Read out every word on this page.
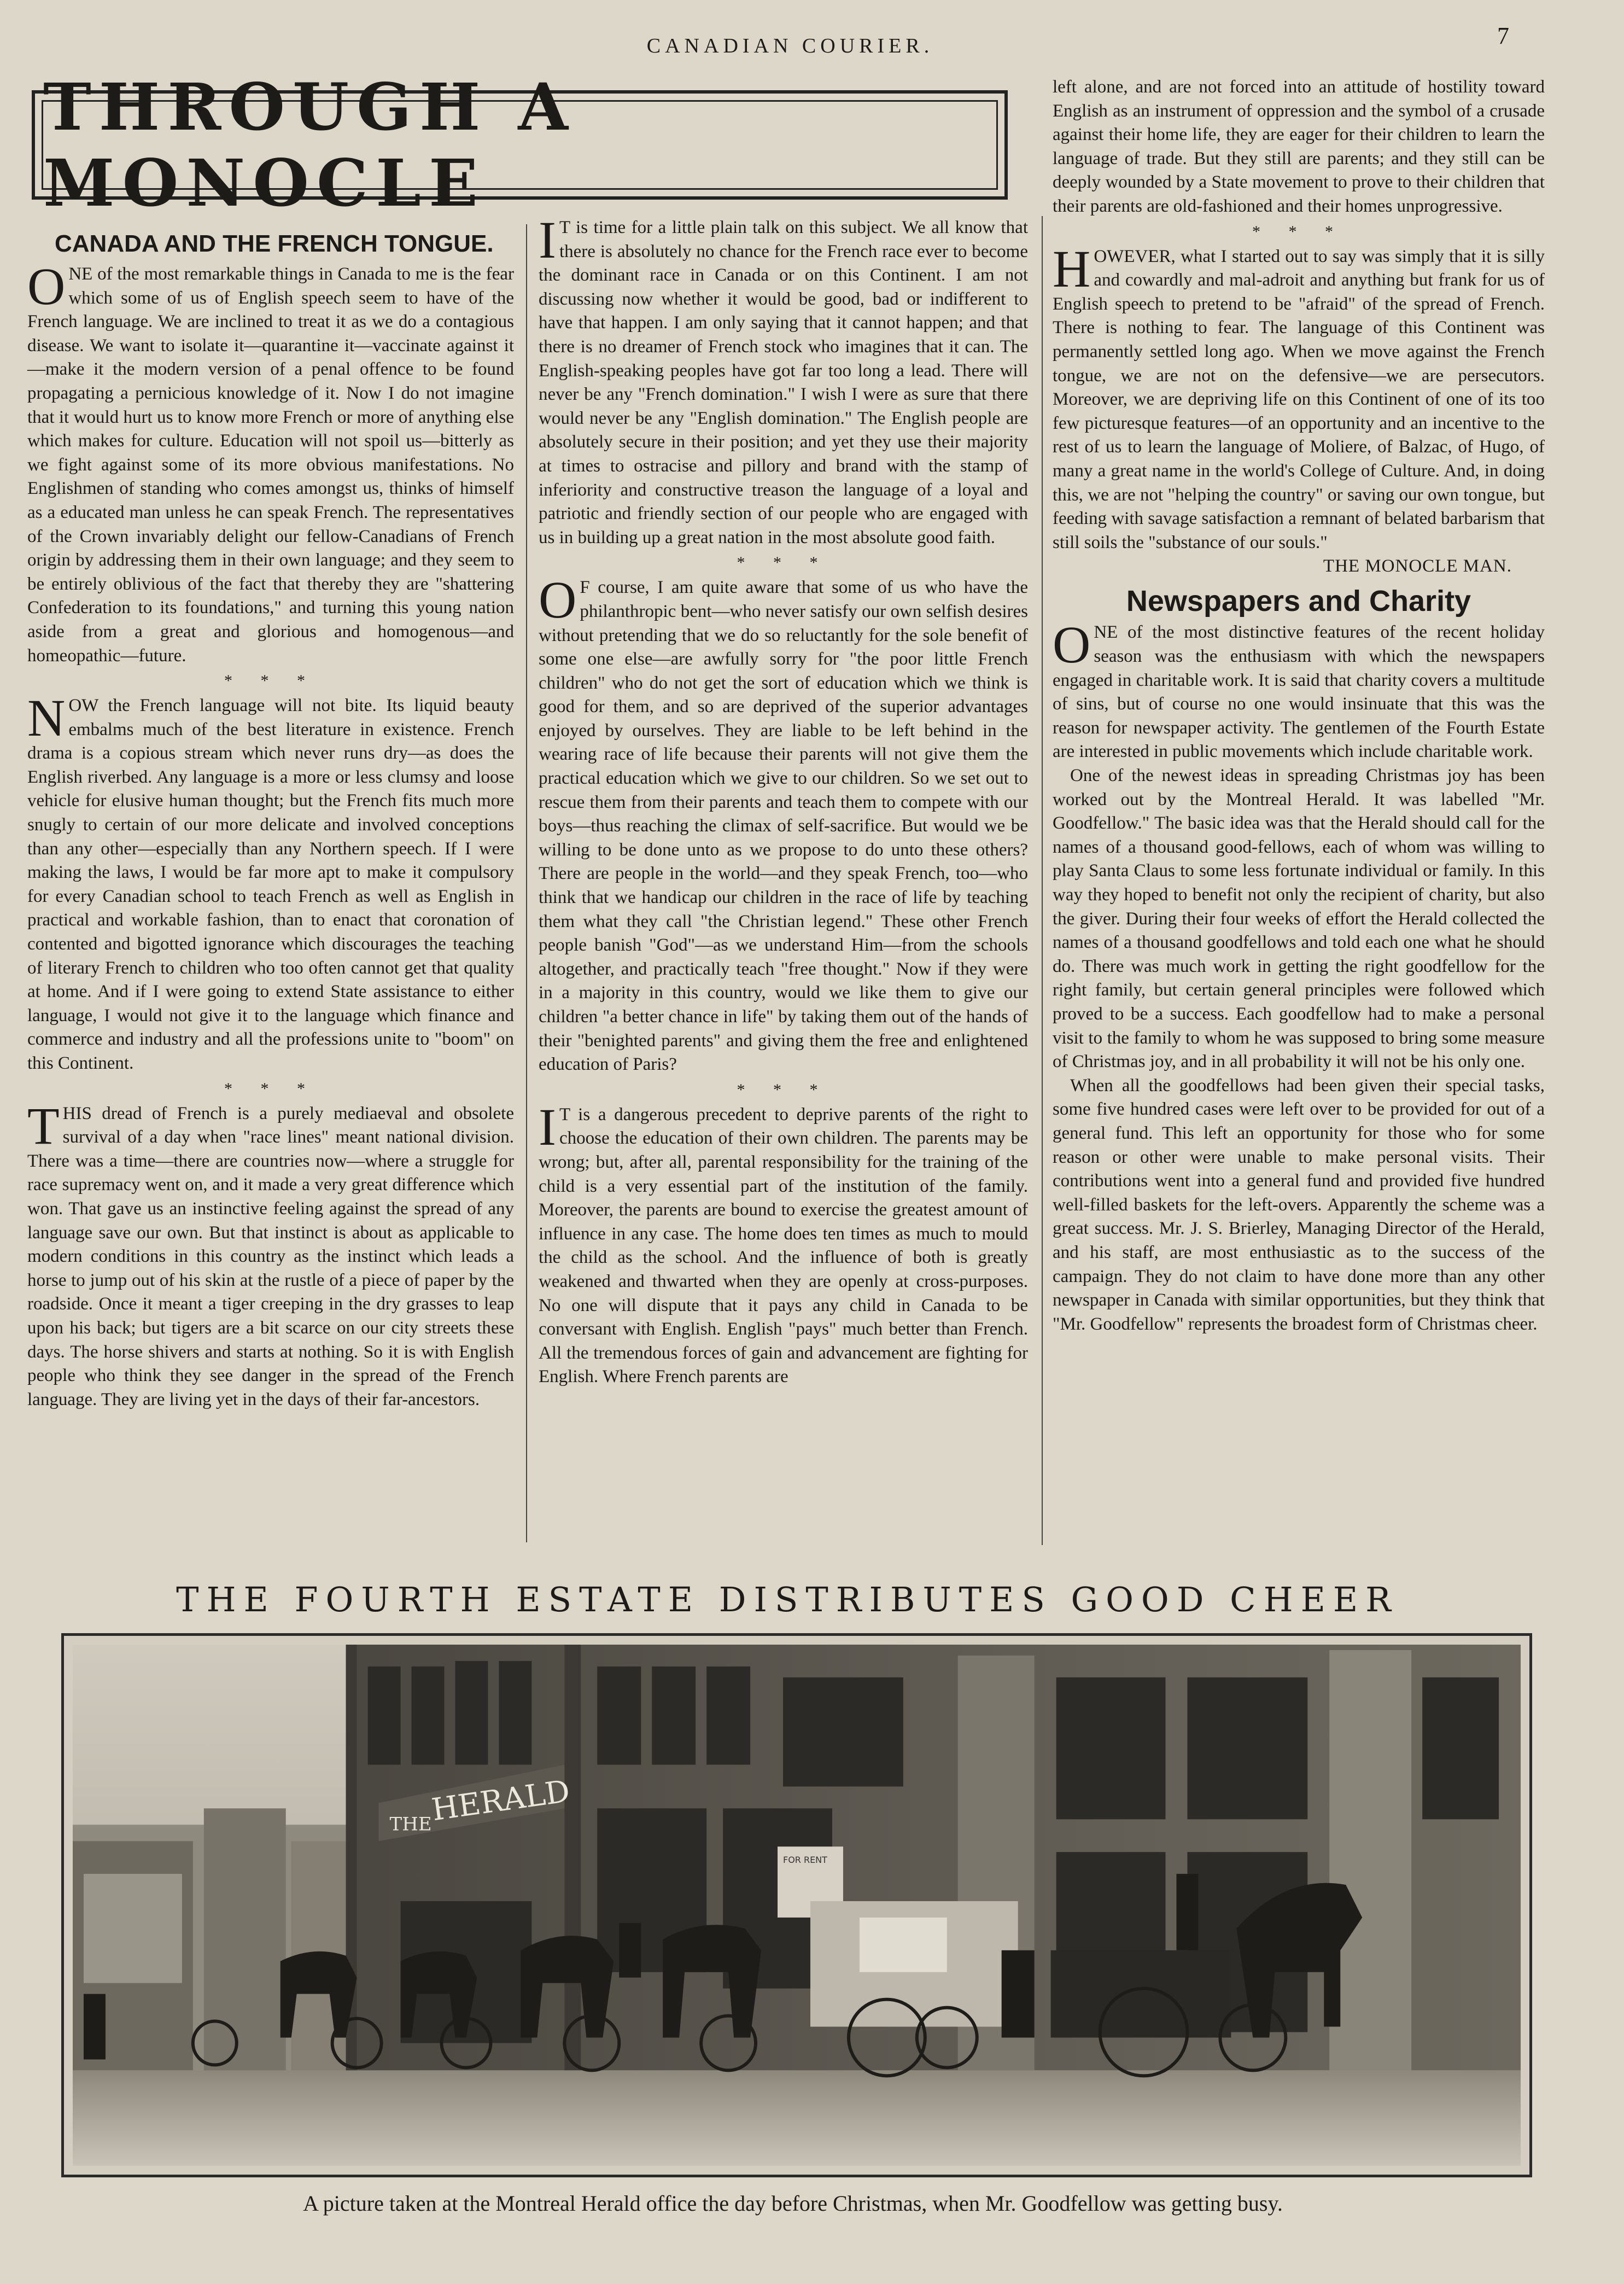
CANADIAN COURIER.	7
THROUGH A MONOCLE
CANADA AND THE FRENCH TONGUE.

ONE of the most remarkable things in Canada to me is the fear which some of us of English speech seem to have of the French language. We are inclined to treat it as we do a contagious disease. We want to isolate it—quarantine it—vaccinate against it—make it the modern version of a penal offence to be found propagating a pernicious knowledge of it. Now I do not imagine that it would hurt us to know more French or more of anything else which makes for culture. Education will not spoil us—bitterly as we fight against some of its more obvious manifestations. No Englishmen of standing who comes amongst us, thinks of himself as a educated man unless he can speak French. The representatives of the Crown invariably delight our fellow-Canadians of French origin by addressing them in their own language; and they seem to be entirely oblivious of the fact that thereby they are "shattering Confederation to its foundations," and turning this young nation aside from a great and glorious and homogenous—and homeopathic—future.

* * *

NOW the French language will not bite. Its liquid beauty embalms much of the best literature in existence. French drama is a copious stream which never runs dry—as does the English riverbed. Any language is a more or less clumsy and loose vehicle for elusive human thought; but the French fits much more snugly to certain of our more delicate and involved conceptions than any other—especially than any Northern speech. If I were making the laws, I would be far more apt to make it compulsory for every Canadian school to teach French as well as English in practical and workable fashion, than to enact that coronation of contented and bigotted ignorance which discourages the teaching of literary French to children who too often cannot get that quality at home. And if I were going to extend State assistance to either language, I would not give it to the language which finance and commerce and industry and all the professions unite to "boom" on this Continent.

* * *

THIS dread of French is a purely mediaeval and obsolete survival of a day when "race lines" meant national division. There was a time—there are countries now—where a struggle for race supremacy went on, and it made a very great difference which won. That gave us an instinctive feeling against the spread of any language save our own. But that instinct is about as applicable to modern conditions in this country as the instinct which leads a horse to jump out of his skin at the rustle of a piece of paper by the roadside. Once it meant a tiger creeping in the dry grasses to leap upon his back; but tigers are a bit scarce on our city streets these days. The horse shivers and starts at nothing. So it is with English people who think they see danger in the spread of the French language. They are living yet in the days of their far-ancestors.

I T is time for a little plain talk on this subject. We all know that there is absolutely no chance for the French race ever to become the dominant race in Canada or on this Continent. I am not discussing now whether it would be good, bad or indifferent to have that happen. I am only saying that it cannot happen; and that there is no dreamer of French stock who imagines that it can. The English-speaking peoples have got far too long a lead. There will never be any "French domination." I wish I were as sure that there would never be any "English domination." The English people are absolutely secure in their position; and yet they use their majority at times to ostracise and pillory and brand with the stamp of inferiority and constructive treason the language of a loyal and patriotic and friendly section of our people who are engaged with us in building up a great nation in the most absolute good faith.

* * *

O F course, I am quite aware that some of us who have the philanthropic bent—who never satisfy our own selfish desires without pretending that we do so reluctantly for the sole benefit of some one else—are awfully sorry for "the poor little French children" who do not get the sort of education which we think is good for them, and so are deprived of the superior advantages enjoyed by ourselves. They are liable to be left behind in the wearing race of life because their parents will not give them the practical education which we give to our children. So we set out to rescue them from their parents and teach them to compete with our boys—thus reaching the climax of self-sacrifice. But would we be willing to be done unto as we propose to do unto these others? There are people in the world—and they speak French, too—who think that we handicap our children in the race of life by teaching them what they call "the Christian legend." These other French people banish "God"—as we understand Him—from the schools altogether, and practically teach "free thought." Now if they were in a majority in this country, would we like them to give our children "a better chance in life" by taking them out of the hands of their "benighted parents" and giving them the free and enlightened education of Paris?

* * *

I T is a dangerous precedent to deprive parents of the right to choose the education of their own children. The parents may be wrong; but, after all, parental responsibility for the training of the child is a very essential part of the institution of the family. Moreover, the parents are bound to exercise the greatest amount of influence in any case. The home does ten times as much to mould the child as the school. And the influence of both is greatly weakened and thwarted when they are openly at cross-purposes. No one will dispute that it pays any child in Canada to be conversant with English. English "pays" much better than French. All the tremendous forces of gain and advancement are fighting for English. Where French parents are

left alone, and are not forced into an attitude of hostility toward English as an instrument of oppression and the symbol of a crusade against their home life, they are eager for their children to learn the language of trade. But they still are parents; and they still can be deeply wounded by a State movement to prove to their children that their parents are old-fashioned and their homes unprogressive.

* * *

HOWEVER, what I started out to say was simply that it is silly and cowardly and mal-adroit and anything but frank for us of English speech to pretend to be "afraid" of the spread of French. There is nothing to fear. The language of this Continent was permanently settled long ago. When we move against the French tongue, we are not on the defensive—we are persecutors. Moreover, we are depriving life on this Continent of one of its too few picturesque features—of an opportunity and an incentive to the rest of us to learn the language of Moliere, of Balzac, of Hugo, of many a great name in the world's College of Culture. And, in doing this, we are not "helping the country" or saving our own tongue, but feeding with savage satisfaction a remnant of belated barbarism that still soils the "substance of our souls."

THE MONOCLE MAN.
Newspapers and Charity

ONE of the most distinctive features of the recent holiday season was the enthusiasm with which the newspapers engaged in charitable work. It is said that charity covers a multitude of sins, but of course no one would insinuate that this was the reason for newspaper activity. The gentlemen of the Fourth Estate are interested in public movements which include charitable work.

One of the newest ideas in spreading Christmas joy has been worked out by the Montreal Herald. It was labelled "Mr. Goodfellow." The basic idea was that the Herald should call for the names of a thousand good-fellows, each of whom was willing to play Santa Claus to some less fortunate individual or family. In this way they hoped to benefit not only the recipient of charity, but also the giver. During their four weeks of effort the Herald collected the names of a thousand goodfellows and told each one what he should do. There was much work in getting the right goodfellow for the right family, but certain general principles were followed which proved to be a success. Each goodfellow had to make a personal visit to the family to whom he was supposed to bring some measure of Christmas joy, and in all probability it will not be his only one.

When all the goodfellows had been given their special tasks, some five hundred cases were left over to be provided for out of a general fund. This left an opportunity for those who for some reason or other were unable to make personal visits. Their contributions went into a general fund and provided five hundred well-filled baskets for the left-overs. Apparently the scheme was a great success. Mr. J. S. Brierley, Managing Director of the Herald, and his staff, are most enthusiastic as to the success of the campaign. They do not claim to have done more than any other newspaper in Canada with similar opportunities, but they think that "Mr. Goodfellow" represents the broadest form of Christmas cheer.

THE FOURTH ESTATE DISTRIBUTES GOOD CHEER
THE
HERALD
FOR RENT
A picture taken at the Montreal Herald office the day before Christmas, when Mr. Goodfellow was getting busy.
